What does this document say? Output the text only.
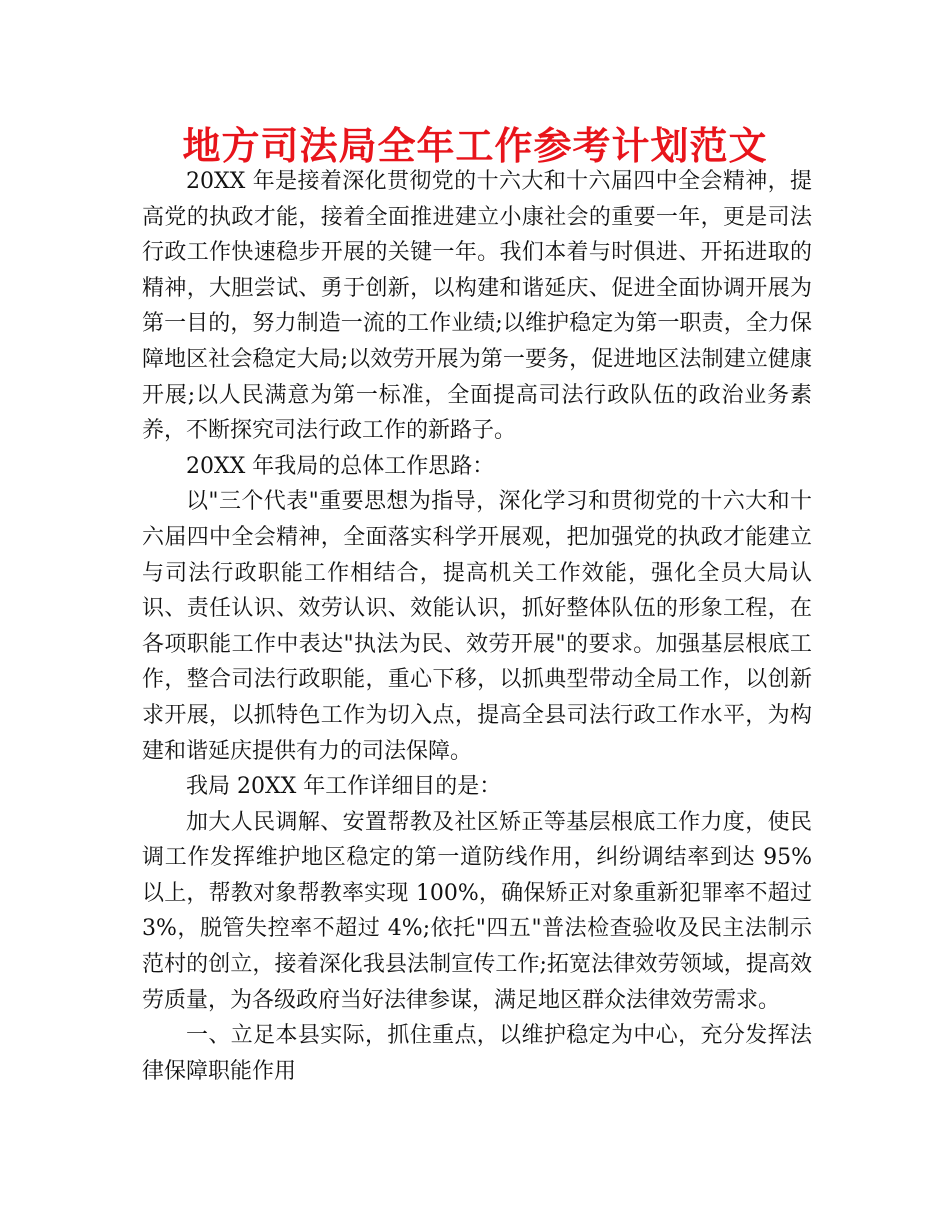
地方司法局全年工作参考计划范文

20XX 年是接着深化贯彻党的十六大和十六届四中全会精神，提高党的执政才能，接着全面推进建立小康社会的重要一年，更是司法行政工作快速稳步开展的关键一年。我们本着与时俱进、开拓进取的精神，大胆尝试、勇于创新，以构建和谐延庆、促进全面协调开展为第一目的，努力制造一流的工作业绩;以维护稳定为第一职责，全力保障地区社会稳定大局;以效劳开展为第一要务，促进地区法制建立健康开展;以人民满意为第一标准，全面提高司法行政队伍的政治业务素养，不断探究司法行政工作的新路子。

20XX 年我局的总体工作思路：

以"三个代表"重要思想为指导，深化学习和贯彻党的十六大和十六届四中全会精神，全面落实科学开展观，把加强党的执政才能建立与司法行政职能工作相结合，提高机关工作效能，强化全员大局认识、责任认识、效劳认识、效能认识，抓好整体队伍的形象工程，在各项职能工作中表达"执法为民、效劳开展"的要求。加强基层根底工作，整合司法行政职能，重心下移，以抓典型带动全局工作，以创新求开展，以抓特色工作为切入点，提高全县司法行政工作水平，为构建和谐延庆提供有力的司法保障。

我局 20XX 年工作详细目的是：

加大人民调解、安置帮教及社区矫正等基层根底工作力度，使民调工作发挥维护地区稳定的第一道防线作用，纠纷调结率到达 95%以上，帮教对象帮教率实现 100%，确保矫正对象重新犯罪率不超过 3%，脱管失控率不超过 4%;依托"四五"普法检查验收及民主法制示范村的创立，接着深化我县法制宣传工作;拓宽法律效劳领域，提高效劳质量，为各级政府当好法律参谋，满足地区群众法律效劳需求。

一、立足本县实际，抓住重点，以维护稳定为中心，充分发挥法律保障职能作用
